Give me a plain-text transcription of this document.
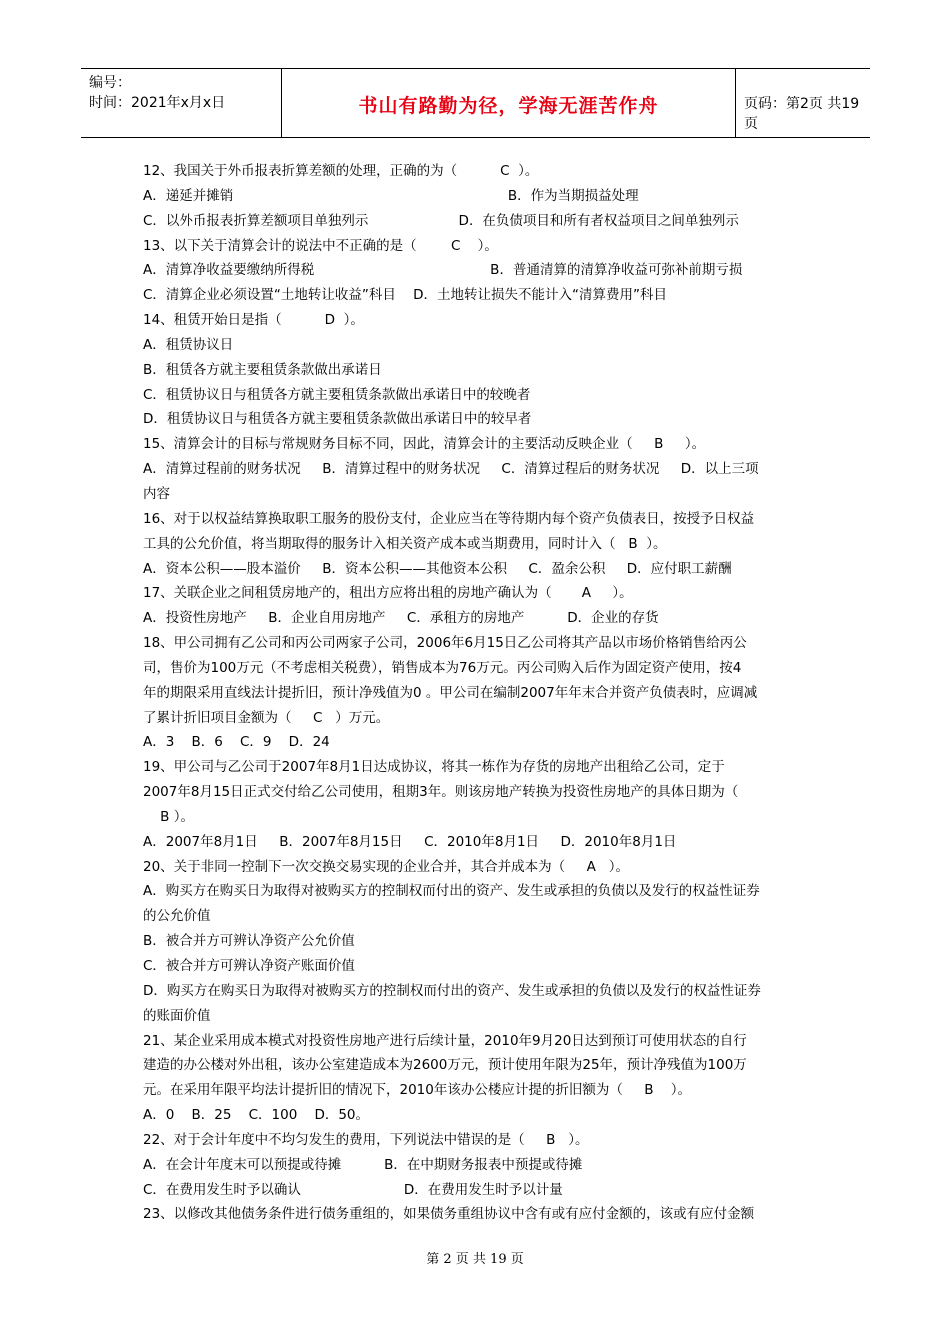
编号：
时间：2021年x月x日	书山有路勤为径，学海无涯苦作舟	页码：第2页 共19页
12、我国关于外币报表折算差额的处理，正确的为（          C  ）。
A．递延并摊销                                                                B．作为当期损益处理
C．以外币报表折算差额项目单独列示                     D．在负债项目和所有者权益项目之间单独列示
13、以下关于清算会计的说法中不正确的是（        C    ）。
A．清算净收益要缴纳所得税                                         B．普通清算的清算净收益可弥补前期亏损
C．清算企业必须设置“土地转让收益”科目    D．土地转让损失不能计入“清算费用”科目
14、租赁开始日是指（          D  ）。
A．租赁协议日
B．租赁各方就主要租赁条款做出承诺日
C．租赁协议日与租赁各方就主要租赁条款做出承诺日中的较晚者
D．租赁协议日与租赁各方就主要租赁条款做出承诺日中的较早者
15、清算会计的目标与常规财务目标不同，因此，清算会计的主要活动反映企业（     B     ）。
A．清算过程前的财务状况     B．清算过程中的财务状况     C．清算过程后的财务状况     D．以上三项
内容
16、对于以权益结算换取职工服务的股份支付，企业应当在等待期内每个资产负债表日，按授予日权益
工具的公允价值，将当期取得的服务计入相关资产成本或当期费用，同时计入（   B  ）。
A．资本公积——股本溢价     B．资本公积——其他资本公积     C．盈余公积     D．应付职工薪酬
17、关联企业之间租赁房地产的，租出方应将出租的房地产确认为（       A     ）。
A．投资性房地产     B．企业自用房地产     C．承租方的房地产          D．企业的存货
18、甲公司拥有乙公司和丙公司两家子公司，2006年6月15日乙公司将其产品以市场价格销售给丙公
司，售价为100万元（不考虑相关税费），销售成本为76万元。丙公司购入后作为固定资产使用，按4
年的期限采用直线法计提折旧，预计净残值为0 。甲公司在编制2007年年末合并资产负债表时，应调减
了累计折旧项目金额为（     C   ）万元。
A．3    B．6    C．9    D．24
19、甲公司与乙公司于2007年8月1日达成协议，将其一栋作为存货的房地产出租给乙公司，定于
2007年8月15日正式交付给乙公司使用，租期3年。则该房地产转换为投资性房地产的具体日期为（
B ）。
A．2007年8月1日     B．2007年8月15日     C．2010年8月1日     D．2010年8月1日
20、关于非同一控制下一次交换交易实现的企业合并，其合并成本为（     A   ）。
A．购买方在购买日为取得对被购买方的控制权而付出的资产、发生或承担的负债以及发行的权益性证券
的公允价值
B．被合并方可辨认净资产公允价值
C．被合并方可辨认净资产账面价值
D．购买方在购买日为取得对被购买方的控制权而付出的资产、发生或承担的负债以及发行的权益性证券
的账面价值
21、某企业采用成本模式对投资性房地产进行后续计量，2010年9月20日达到预订可使用状态的自行
建造的办公楼对外出租，该办公室建造成本为2600万元，预计使用年限为25年，预计净残值为100万
元。在采用年限平均法计提折旧的情况下，2010年该办公楼应计提的折旧额为（     B    ）。
A．0    B．25    C．100    D．50。
22、对于会计年度中不均匀发生的费用，下列说法中错误的是（     B   ）。
A．在会计年度末可以预提或待摊          B．在中期财务报表中预提或待摊
C．在费用发生时予以确认                        D．在费用发生时予以计量
23、以修改其他债务条件进行债务重组的，如果债务重组协议中含有或有应付金额的，该或有应付金额
第 2 页 共 19 页
